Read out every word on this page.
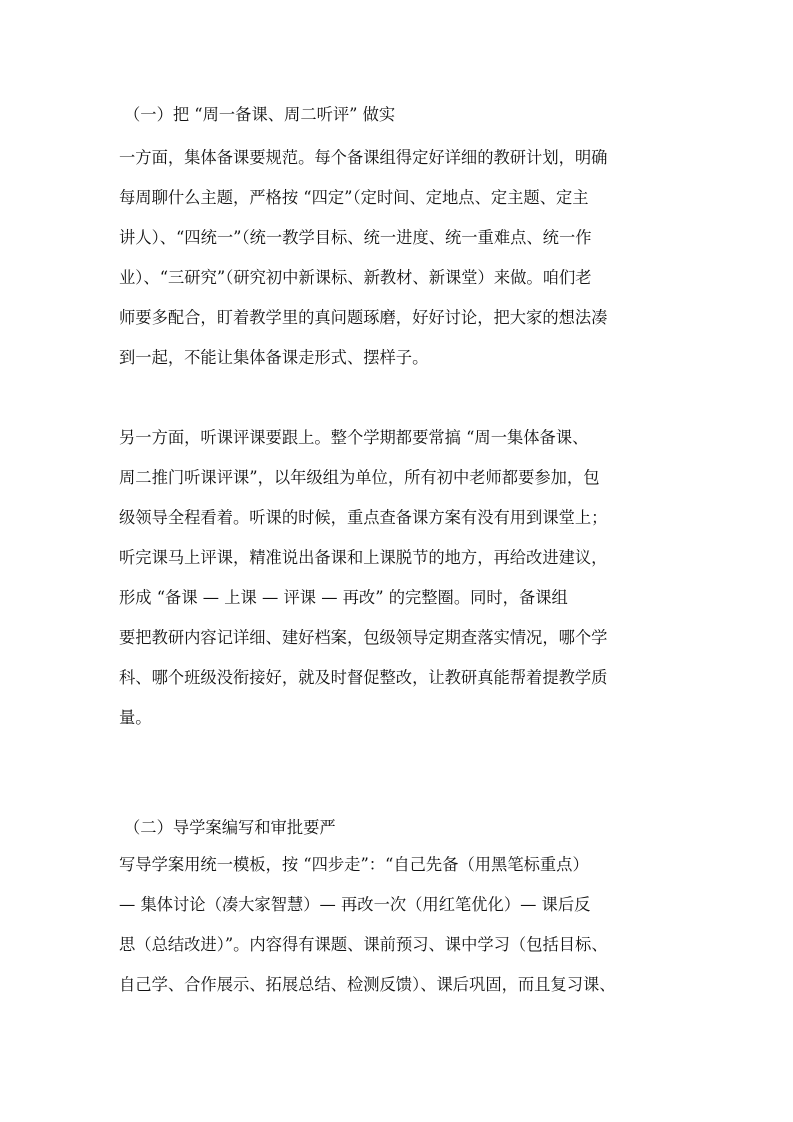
（一）把 “周一备课、周二听评” 做实
一方面，集体备课要规范。每个备课组得定好详细的教研计划，明确
每周聊什么主题，严格按 “四定”（定时间、定地点、定主题、定主
讲人）、“四统一”（统一教学目标、统一进度、统一重难点、统一作
业）、“三研究”（研究初中新课标、新教材、新课堂）来做。咱们老
师要多配合，盯着教学里的真问题琢磨，好好讨论，把大家的想法凑
到一起，不能让集体备课走形式、摆样子。
另一方面，听课评课要跟上。整个学期都要常搞 “周一集体备课、
周二推门听课评课”，以年级组为单位，所有初中老师都要参加，包
级领导全程看着。听课的时候，重点查备课方案有没有用到课堂上；
听完课马上评课，精准说出备课和上课脱节的地方，再给改进建议，
形成 “备课 — 上课 — 评课 — 再改” 的完整圈。同时，备课组
要把教研内容记详细、建好档案，包级领导定期查落实情况，哪个学
科、哪个班级没衔接好，就及时督促整改，让教研真能帮着提教学质
量。
（二）导学案编写和审批要严
写导学案用统一模板，按 “四步走”：“自己先备（用黑笔标重点）
— 集体讨论（凑大家智慧）— 再改一次（用红笔优化）— 课后反
思（总结改进）”。内容得有课题、课前预习、课中学习（包括目标、
自己学、合作展示、拓展总结、检测反馈）、课后巩固，而且复习课、
